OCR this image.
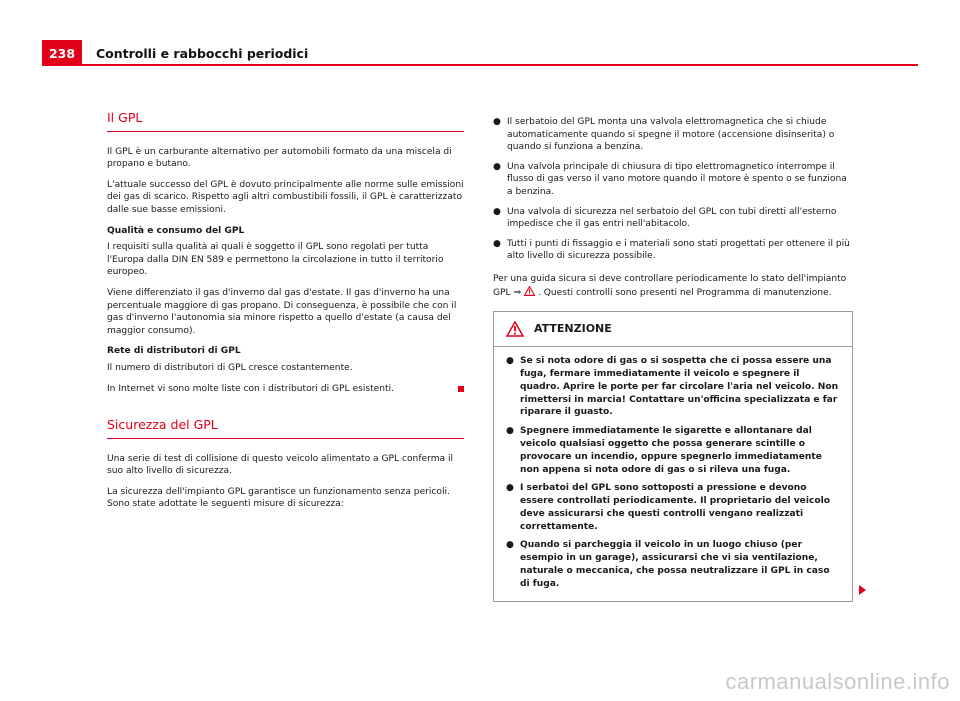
238	Controlli e rabbocchi periodici
Il GPL

Il GPL è un carburante alternativo per automobili formato da una miscela di propano e butano.

L'attuale successo del GPL è dovuto principalmente alle norme sulle emissioni dei gas di scarico. Rispetto agli altri combustibili fossili, il GPL è caratterizzato dalle sue basse emissioni.

Qualità e consumo del GPL

I requisiti sulla qualità ai quali è soggetto il GPL sono regolati per tutta l'Europa dalla DIN EN 589 e permettono la circolazione in tutto il territorio europeo.

Viene differenziato il gas d'inverno dal gas d'estate. Il gas d'inverno ha una percentuale maggiore di gas propano. Di conseguenza, è possibile che con il gas d'inverno l'autonomia sia minore rispetto a quello d'estate (a causa del maggior consumo).

Rete di distributori di GPL

Il numero di distributori di GPL cresce costantemente.

In Internet vi sono molte liste con i distributori di GPL esistenti.

Sicurezza del GPL

Una serie di test di collisione di questo veicolo alimentato a GPL conferma il suo alto livello di sicurezza.

La sicurezza dell'impianto GPL garantisce un funzionamento senza pericoli. Sono state adottate le seguenti misure di sicurezza:

● Il serbatoio del GPL monta una valvola elettromagnetica che si chiude automaticamente quando si spegne il motore (accensione disinserita) o quando si funziona a benzina.
● Una valvola principale di chiusura di tipo elettromagnetico interrompe il flusso di gas verso il vano motore quando il motore è spento o se funziona a benzina.
● Una valvola di sicurezza nel serbatoio del GPL con tubi diretti all'esterno impedisce che il gas entri nell'abitacolo.
● Tutti i punti di fissaggio e i materiali sono stati progettati per ottenere il più alto livello di sicurezza possibile.

Per una guida sicura si deve controllare periodicamente lo stato dell'impianto GPL ⇒ . Questi controlli sono presenti nel Programma di manutenzione.

ATTENZIONE
● Se si nota odore di gas o si sospetta che ci possa essere una fuga, fermare immediatamente il veicolo e spegnere il quadro. Aprire le porte per far circolare l'aria nel veicolo. Non rimettersi in marcia! Contattare un'officina specializzata e far riparare il guasto.
● Spegnere immediatamente le sigarette e allontanare dal veicolo qualsiasi oggetto che possa generare scintille o provocare un incendio, oppure spegnerlo immediatamente non appena si nota odore di gas o si rileva una fuga.
● I serbatoi del GPL sono sottoposti a pressione e devono essere controllati periodicamente. Il proprietario del veicolo deve assicurarsi che questi controlli vengano realizzati correttamente.
● Quando si parcheggia il veicolo in un luogo chiuso (per esempio in un garage), assicurarsi che vi sia ventilazione, naturale o meccanica, che possa neutralizzare il GPL in caso di fuga.
carmanualsonline.info
